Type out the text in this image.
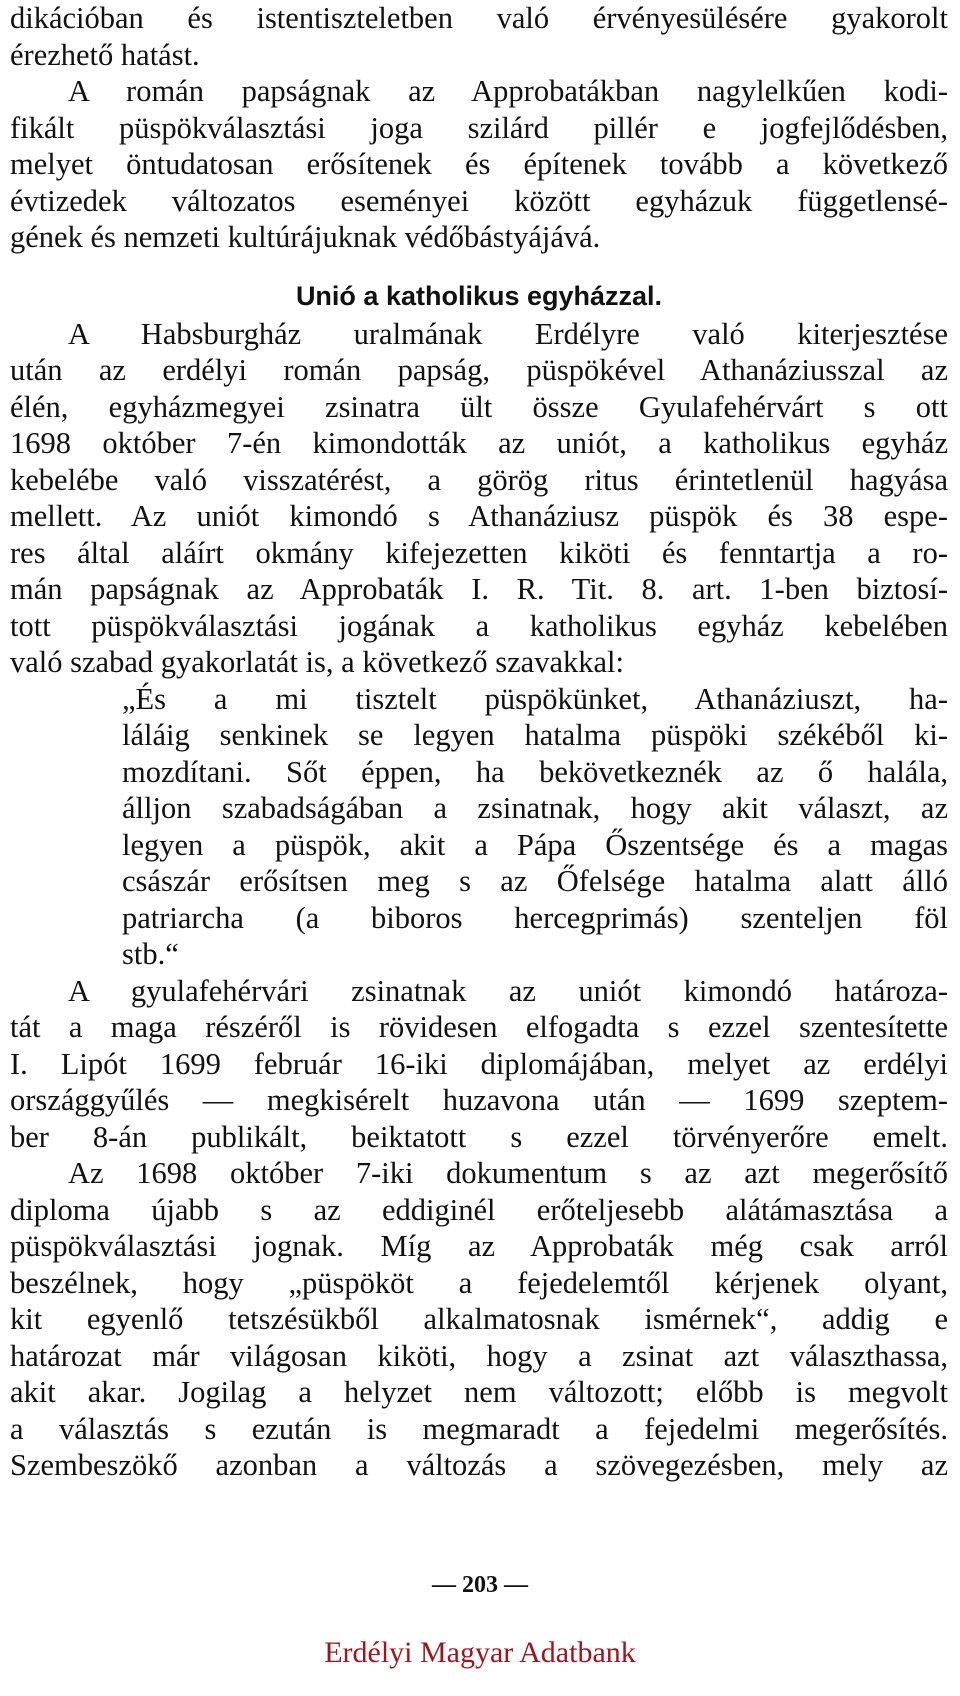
dikációban és istentiszteletben való érvényesülésére gyakorolt
érezhető hatást.
A román papságnak az Approbatákban nagylelkűen kodi-
fikált püspökválasztási joga szilárd pillér e jogfejlődésben,
melyet öntudatosan erősítenek és építenek tovább a következő
évtizedek változatos eseményei között egyházuk függetlensé-
gének és nemzeti kultúrájuknak védőbástyájává.
Unió a katholikus egyházzal.
A Habsburgház uralmának Erdélyre való kiterjesztése
után az erdélyi román papság, püspökével Athanáziusszal az
élén, egyházmegyei zsinatra ült össze Gyulafehérvárt s ott
1698 október 7-én kimondották az uniót, a katholikus egyház
kebelébe való visszatérést, a görög ritus érintetlenül hagyása
mellett. Az uniót kimondó s Athanáziusz püspök és 38 espe-
res által aláírt okmány kifejezetten kiköti és fenntartja a ro-
mán papságnak az Approbaták I. R. Tit. 8. art. 1-ben biztosí-
tott püspökválasztási jogának a katholikus egyház kebelében
való szabad gyakorlatát is, a következő szavakkal:
„És a mi tisztelt püspökünket, Athanáziuszt, ha-
láláig senkinek se legyen hatalma püspöki székéből ki-
mozdítani. Sőt éppen, ha bekövetkeznék az ő halála,
álljon szabadságában a zsinatnak, hogy akit választ, az
legyen a püspök, akit a Pápa Őszentsége és a magas
császár erősítsen meg s az Őfelsége hatalma alatt álló
patriarcha (a biboros hercegprimás) szenteljen föl
stb.“
A gyulafehérvári zsinatnak az uniót kimondó határoza-
tát a maga részéről is rövidesen elfogadta s ezzel szentesítette
I. Lipót 1699 február 16-iki diplomájában, melyet az erdélyi
országgyűlés — megkisérelt huzavona után — 1699 szeptem-
ber 8-án publikált, beiktatott s ezzel törvényerőre emelt.
Az 1698 október 7-iki dokumentum s az azt megerősítő
diploma újabb s az eddiginél erőteljesebb alátámasztása a
püspökválasztási jognak. Míg az Approbaták még csak arról
beszélnek, hogy „püspököt a fejedelemtől kérjenek olyant,
kit egyenlő tetszésükből alkalmatosnak ismérnek“, addig e
határozat már világosan kiköti, hogy a zsinat azt választhassa,
akit akar. Jogilag a helyzet nem változott; előbb is megvolt
a választás s ezután is megmaradt a fejedelmi megerősítés.
Szembeszökő azonban a változás a szövegezésben, mely az
— 203 —
Erdélyi Magyar Adatbank
